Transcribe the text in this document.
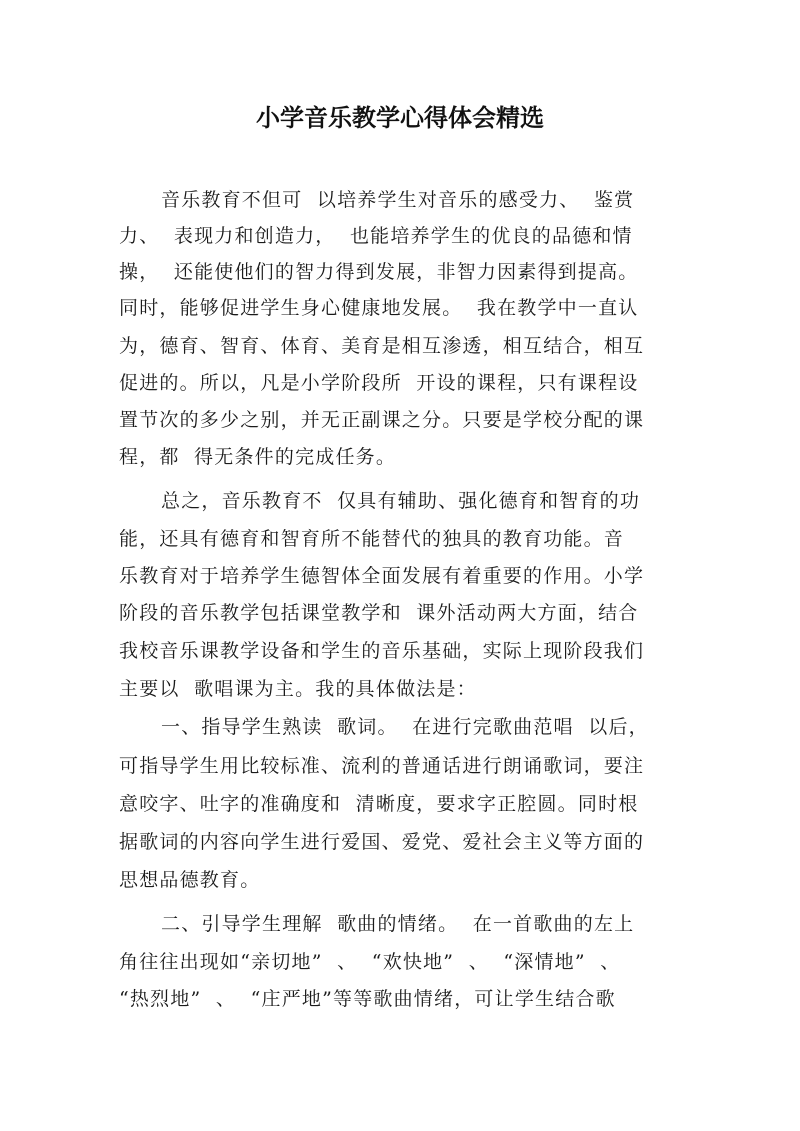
小学音乐教学心得体会精选
音乐教育不但可  以培养学生对音乐的感受力、  鉴赏
力、  表现力和创造力，  也能培养学生的优良的品德和情
操，  还能使他们的智力得到发展，非智力因素得到提高。
同时，能够促进学生身心健康地发展。  我在教学中一直认
为，德育、智育、体育、美育是相互渗透，相互结合，相互
促进的。所以，凡是小学阶段所  开设的课程，只有课程设
置节次的多少之别，并无正副课之分。只要是学校分配的课
程，都  得无条件的完成任务。
总之，音乐教育不  仅具有辅助、强化德育和智育的功
能，还具有德育和智育所不能替代的独具的教育功能。音
乐教育对于培养学生德智体全面发展有着重要的作用。小学
阶段的音乐教学包括课堂教学和  课外活动两大方面，结合
我校音乐课教学设备和学生的音乐基础，实际上现阶段我们
主要以  歌唱课为主。我的具体做法是：
一、指导学生熟读  歌词。  在进行完歌曲范唱  以后，
可指导学生用比较标准、流利的普通话进行朗诵歌词，要注
意咬字、吐字的准确度和  清晰度，要求字正腔圆。同时根
据歌词的内容向学生进行爱国、爱党、爱社会主义等方面的
思想品德教育。
二、引导学生理解  歌曲的情绪。  在一首歌曲的左上
角往往出现如“亲切地”  、  “欢快地”  、  “深情地”  、
“热烈地”  、  “庄严地”等等歌曲情绪，可让学生结合歌
